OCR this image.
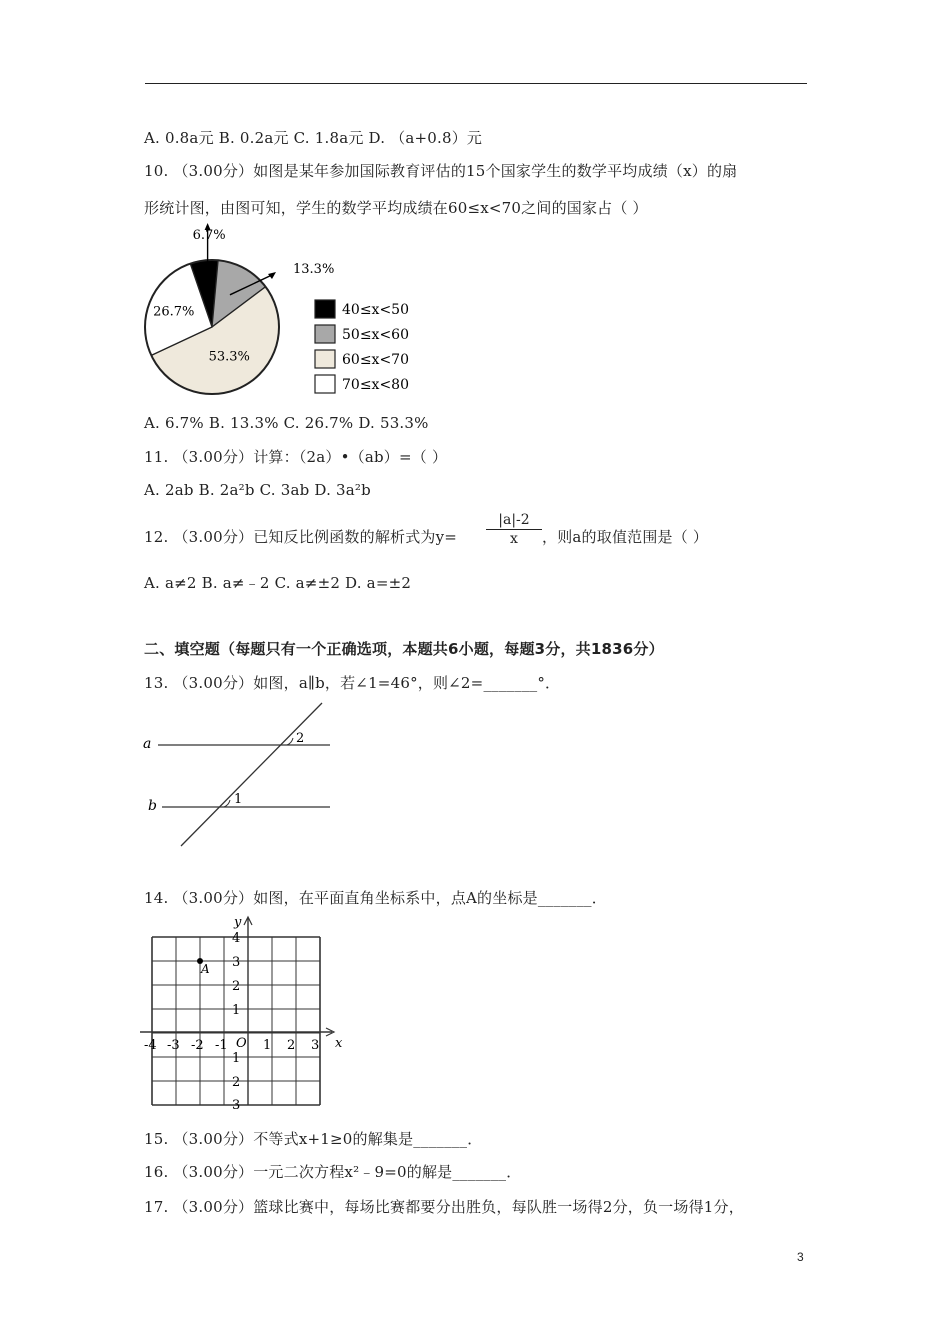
A. 0.8a元 B. 0.2a元 C. 1.8a元 D. （a+0.8）元
10. （3.00分）如图是某年参加国际教育评估的15个国家学生的数学平均成绩（x）的扇
形统计图，由图可知，学生的数学平均成绩在60≤x<70之间的国家占（ ）
6.7%
13.3%
53.3%
26.7%	40≤x<50
50≤x<60
60≤x<70
70≤x<80
A. 6.7% B. 13.3% C. 26.7% D. 53.3%
11. （3.00分）计算：（2a）•（ab）=（ ）
A. 2ab B. 2a²b C. 3ab D. 3a²b
12. （3.00分）已知反比例函数的解析式为$y= \frac{|a|-2}{x}$ ，则a的取值范围是（ ）
A. a≠2 B. a≠﹣2 C. a≠±2 D. a=±2
二、填空题（每题只有一个正确选项，本题共6小题，每题3分，共1836分）
13. （3.00分）如图，a∥b，若∠1=46°，则∠2=_______°．
a
b
2
1
14. （3.00分）如图，在平面直角坐标系中，点A的坐标是_______．
x
y
O
-4 -3 -2 -1	1 2 3
4
3
2
1
1
2
3
A
15. （3.00分）不等式x+1≥0的解集是_______．
16. （3.00分）一元二次方程x²﹣9=0的解是_______．
17. （3.00分）篮球比赛中，每场比赛都要分出胜负，每队胜一场得2分，负一场得1分，
3
